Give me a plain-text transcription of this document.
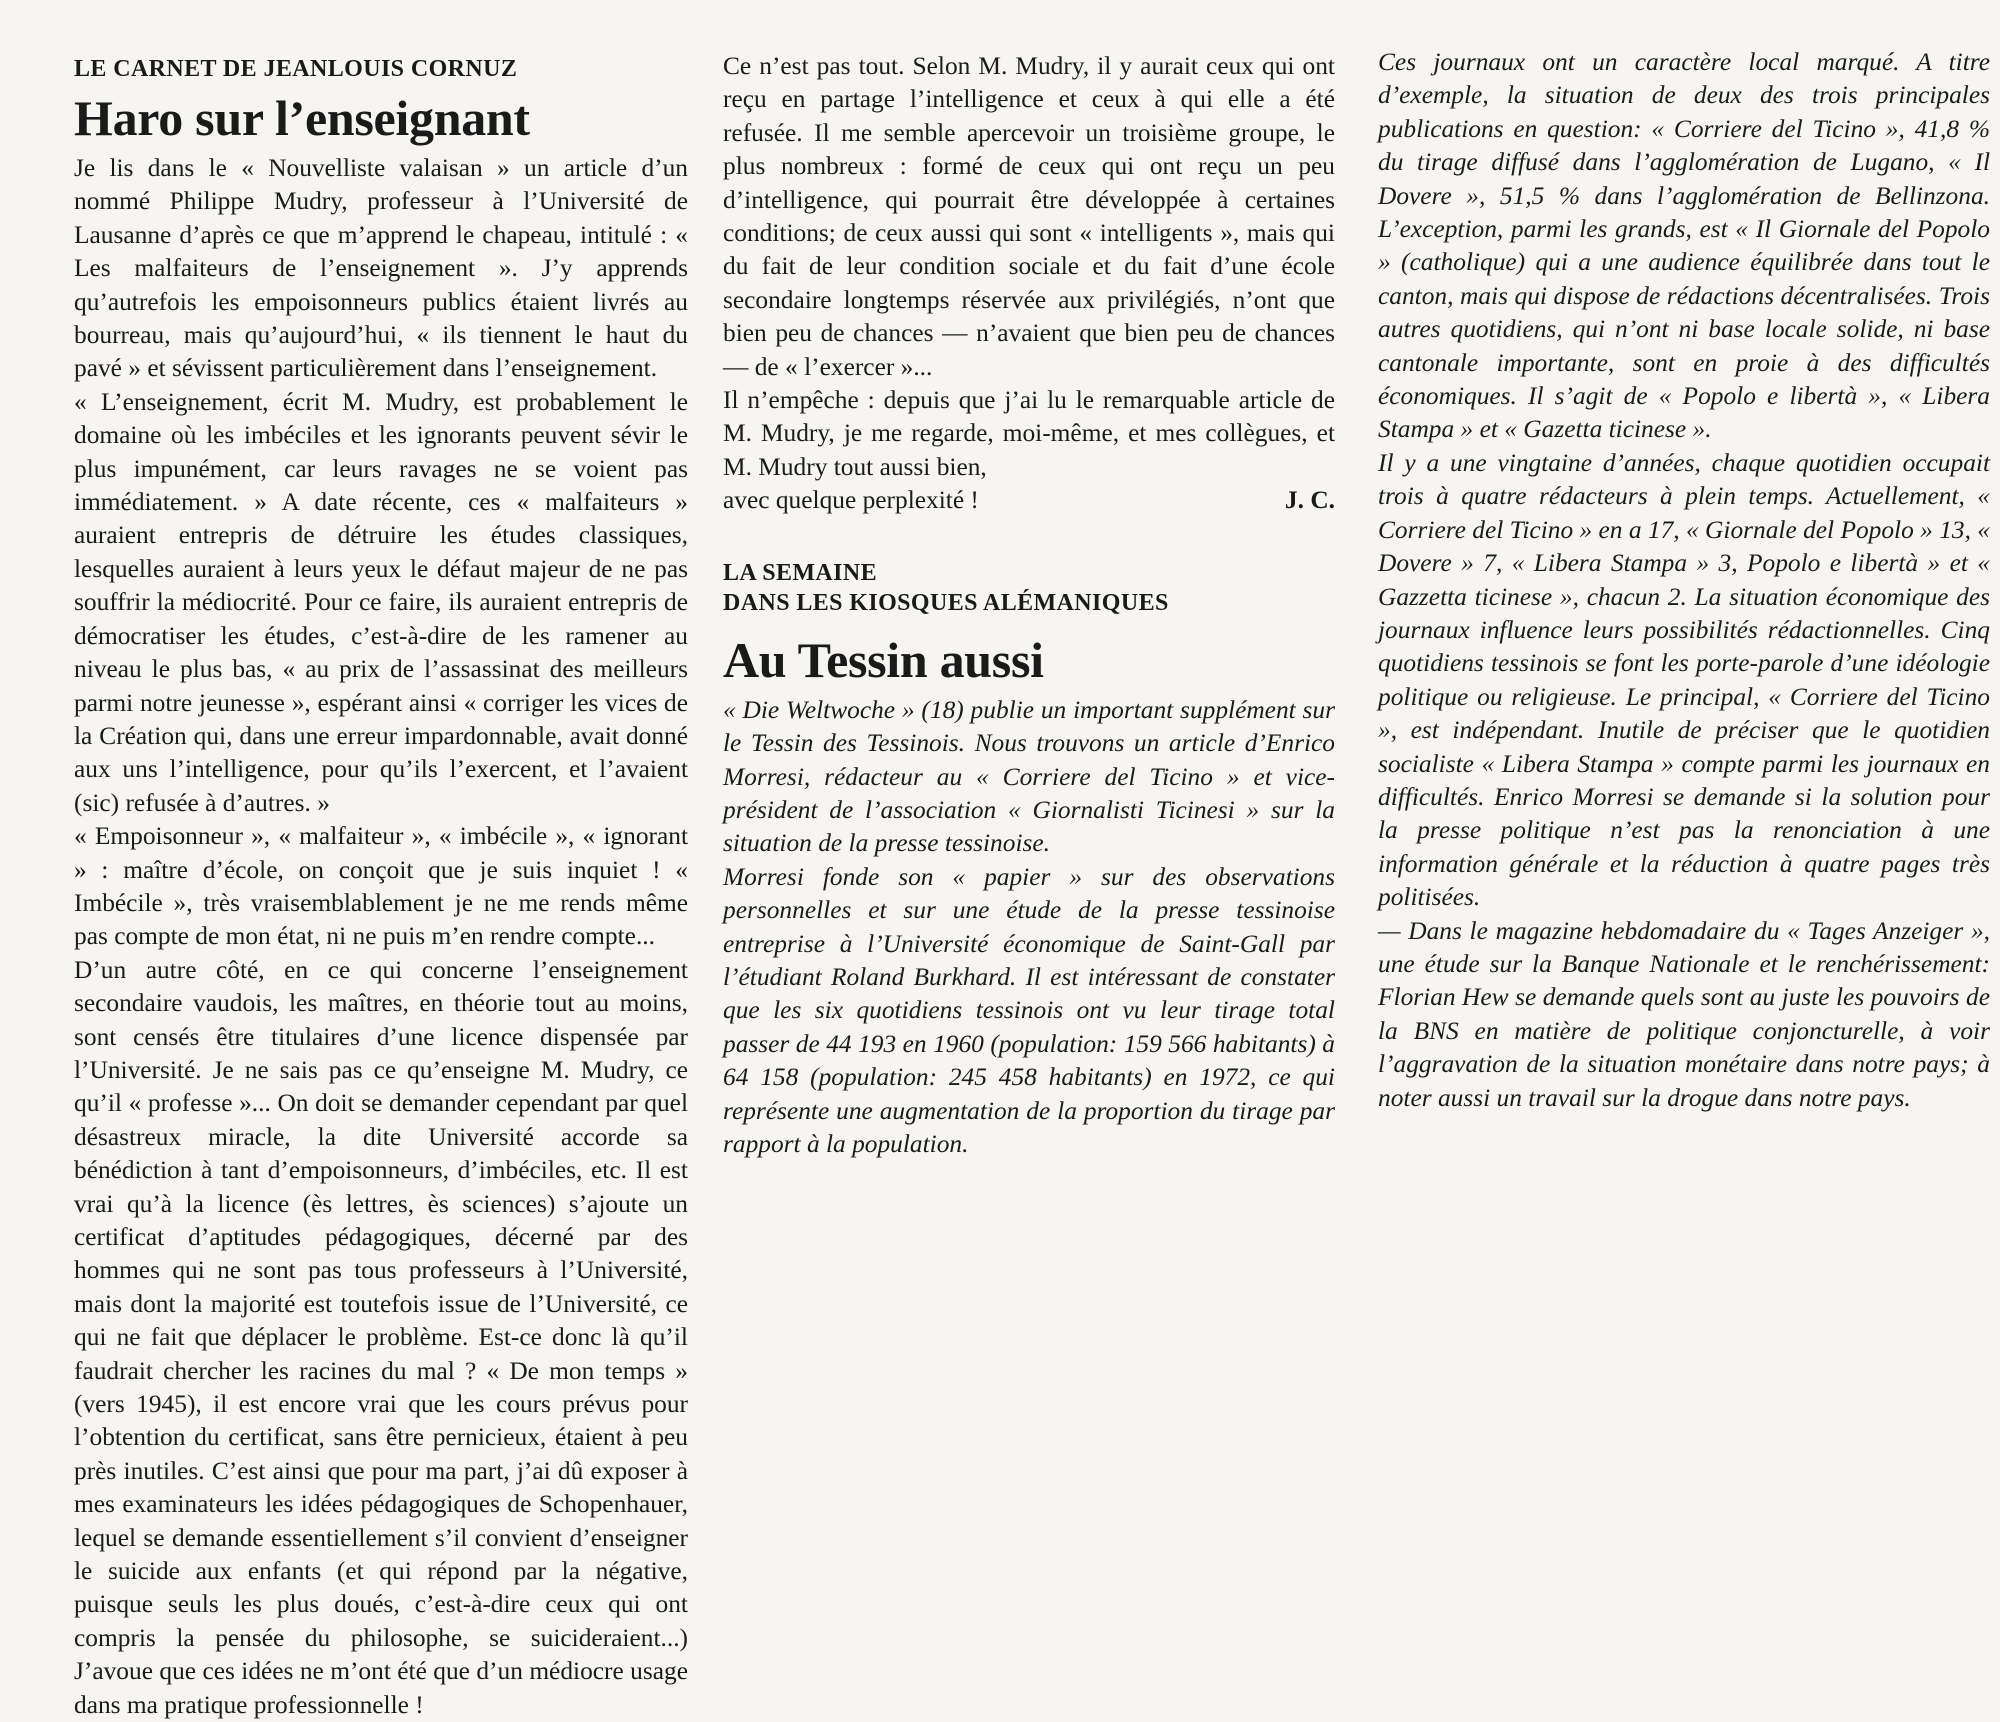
LE CARNET DE JEANLOUIS CORNUZ
Haro sur l’enseignant

Je lis dans le « Nouvelliste valaisan » un article d’un nommé Philippe Mudry, professeur à l’Université de Lausanne d’après ce que m’apprend le chapeau, intitulé : « Les malfaiteurs de l’enseignement ». J’y apprends qu’autrefois les empoisonneurs publics étaient livrés au bourreau, mais qu’aujourd’hui, « ils tiennent le haut du pavé » et sévissent particulièrement dans l’enseignement.

« L’enseignement, écrit M. Mudry, est probablement le domaine où les imbéciles et les ignorants peuvent sévir le plus impunément, car leurs ravages ne se voient pas immédiatement. » A date récente, ces « malfaiteurs » auraient entrepris de détruire les études classiques, lesquelles auraient à leurs yeux le défaut majeur de ne pas souffrir la médiocrité. Pour ce faire, ils auraient entrepris de démocratiser les études, c’est-à-dire de les ramener au niveau le plus bas, « au prix de l’assassinat des meilleurs parmi notre jeunesse », espérant ainsi « corriger les vices de la Création qui, dans une erreur impardonnable, avait donné aux uns l’intelligence, pour qu’ils l’exercent, et l’avaient (sic) refusée à d’autres. »

« Empoisonneur », « malfaiteur », « imbécile », « ignorant » : maître d’école, on conçoit que je suis inquiet ! « Imbécile », très vraisemblablement je ne me rends même pas compte de mon état, ni ne puis m’en rendre compte...

D’un autre côté, en ce qui concerne l’enseignement secondaire vaudois, les maîtres, en théorie tout au moins, sont censés être titulaires d’une licence dispensée par l’Université. Je ne sais pas ce qu’enseigne M. Mudry, ce qu’il « professe »... On doit se demander cependant par quel désastreux miracle, la dite Université accorde sa bénédiction à tant d’empoisonneurs, d’imbéciles, etc. Il est vrai qu’à la licence (ès lettres, ès sciences) s’ajoute un certificat d’aptitudes pédagogiques, décerné par des hommes qui ne sont pas tous professeurs à l’Université, mais dont la majorité est toutefois issue de l’Université, ce qui ne fait que déplacer le problème. Est-ce donc là qu’il faudrait chercher les racines du mal ? « De mon temps » (vers 1945), il est encore vrai que les cours prévus pour l’obtention du certificat, sans être pernicieux, étaient à peu près inutiles. C’est ainsi que pour ma part, j’ai dû exposer à mes examinateurs les idées pédagogiques de Schopenhauer, lequel se demande essentiellement s’il convient d’enseigner le suicide aux enfants (et qui répond par la négative, puisque seuls les plus doués, c’est-à-dire ceux qui ont compris la pensée du philosophe, se suicideraient...) J’avoue que ces idées ne m’ont été que d’un médiocre usage dans ma pratique professionnelle !

Ce n’est pas tout. Selon M. Mudry, il y aurait ceux qui ont reçu en partage l’intelligence et ceux à qui elle a été refusée. Il me semble apercevoir un troisième groupe, le plus nombreux : formé de ceux qui ont reçu un peu d’intelligence, qui pourrait être développée à certaines conditions; de ceux aussi qui sont « intelligents », mais qui du fait de leur condition sociale et du fait d’une école secondaire longtemps réservée aux privilégiés, n’ont que bien peu de chances — n’avaient que bien peu de chances — de « l’exercer »...

Il n’empêche : depuis que j’ai lu le remarquable article de M. Mudry, je me regarde, moi-même, et mes collègues, et M. Mudry tout aussi bien,

avec quelque perplexité !	J. C.
LA SEMAINE
DANS LES KIOSQUES ALÉMANIQUES
Au Tessin aussi

« Die Weltwoche » (18) publie un important supplément sur le Tessin des Tessinois. Nous trouvons un article d’Enrico Morresi, rédacteur au « Corriere del Ticino » et vice-président de l’association « Giornalisti Ticinesi » sur la situation de la presse tessinoise.

Morresi fonde son « papier » sur des observations personnelles et sur une étude de la presse tessinoise entreprise à l’Université économique de Saint-Gall par l’étudiant Roland Burkhard. Il est intéressant de constater que les six quotidiens tessinois ont vu leur tirage total passer de 44 193 en 1960 (population: 159 566 habitants) à 64 158 (population: 245 458 habitants) en 1972, ce qui représente une augmentation de la proportion du tirage par rapport à la population.

Ces journaux ont un caractère local marqué. A titre d’exemple, la situation de deux des trois principales publications en question: « Corriere del Ticino », 41,8 % du tirage diffusé dans l’agglomération de Lugano, « Il Dovere », 51,5 % dans l’agglomération de Bellinzona. L’exception, parmi les grands, est « Il Giornale del Popolo » (catholique) qui a une audience équilibrée dans tout le canton, mais qui dispose de rédactions décentralisées. Trois autres quotidiens, qui n’ont ni base locale solide, ni base cantonale importante, sont en proie à des difficultés économiques. Il s’agit de « Popolo e libertà », « Libera Stampa » et « Gazetta ticinese ».

Il y a une vingtaine d’années, chaque quotidien occupait trois à quatre rédacteurs à plein temps. Actuellement, « Corriere del Ticino » en a 17, « Giornale del Popolo » 13, « Dovere » 7, « Libera Stampa » 3, Popolo e libertà » et « Gazzetta ticinese », chacun 2. La situation économique des journaux influence leurs possibilités rédactionnelles. Cinq quotidiens tessinois se font les porte-parole d’une idéologie politique ou religieuse. Le principal, « Corriere del Ticino », est indépendant. Inutile de préciser que le quotidien socialiste « Libera Stampa » compte parmi les journaux en difficultés. Enrico Morresi se demande si la solution pour la presse politique n’est pas la renonciation à une information générale et la réduction à quatre pages très politisées.

— Dans le magazine hebdomadaire du « Tages Anzeiger », une étude sur la Banque Nationale et le renchérissement: Florian Hew se demande quels sont au juste les pouvoirs de la BNS en matière de politique conjoncturelle, à voir l’aggravation de la situation monétaire dans notre pays; à noter aussi un travail sur la drogue dans notre pays.
